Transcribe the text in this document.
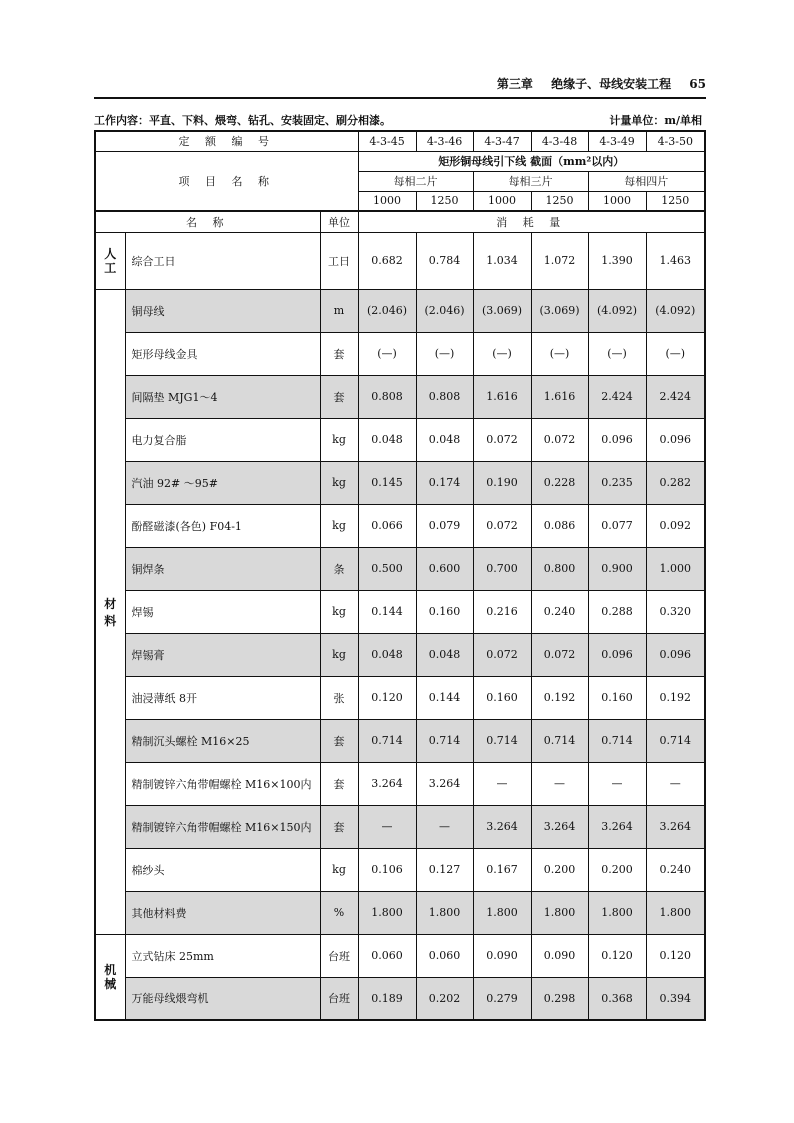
第三章 绝缘子、母线安装工程 65
工作内容：平直、下料、煨弯、钻孔、安装固定、刷分相漆。	计量单位：m/单相
定 额 编 号			4-3-45	4-3-46	4-3-47	4-3-48	4-3-49	4-3-50
项 目 名 称			矩形铜母线引下线 截面（mm²以内）					
			每相二片		每相三片		每相四片	
			1000	1250	1000	1250	1000	1250
名 称		单位	消 耗 量					
人工	综合工日	工日	0.682	0.784	1.034	1.072	1.390	1.463

材
料	铜母线	m	(2.046)	(2.046)	(3.069)	(3.069)	(4.092)	(4.092)
	矩形母线金具	套	(—)	(—)	(—)	(—)	(—)	(—)
	间隔垫 MJG1～4	套	0.808	0.808	1.616	1.616	2.424	2.424
	电力复合脂	kg	0.048	0.048	0.072	0.072	0.096	0.096
	汽油 92# ～95#	kg	0.145	0.174	0.190	0.228	0.235	0.282
	酚醛磁漆(各色) F04-1	kg	0.066	0.079	0.072	0.086	0.077	0.092
	铜焊条	条	0.500	0.600	0.700	0.800	0.900	1.000
	焊锡	kg	0.144	0.160	0.216	0.240	0.288	0.320
	焊锡膏	kg	0.048	0.048	0.072	0.072	0.096	0.096
	油浸薄纸 8开	张	0.120	0.144	0.160	0.192	0.160	0.192
	精制沉头螺栓 M16×25	套	0.714	0.714	0.714	0.714	0.714	0.714
	精制镀锌六角带帽螺栓 M16×100内	套	3.264	3.264	—	—	—	—
	精制镀锌六角带帽螺栓 M16×150内	套	—	—	3.264	3.264	3.264	3.264
	棉纱头	kg	0.106	0.127	0.167	0.200	0.200	0.240
	其他材料费	%	1.800	1.800	1.800	1.800	1.800	1.800
机械	立式钻床 25mm	台班	0.060	0.060	0.090	0.090	0.120	0.120
	万能母线煨弯机	台班	0.189	0.202	0.279	0.298	0.368	0.394
